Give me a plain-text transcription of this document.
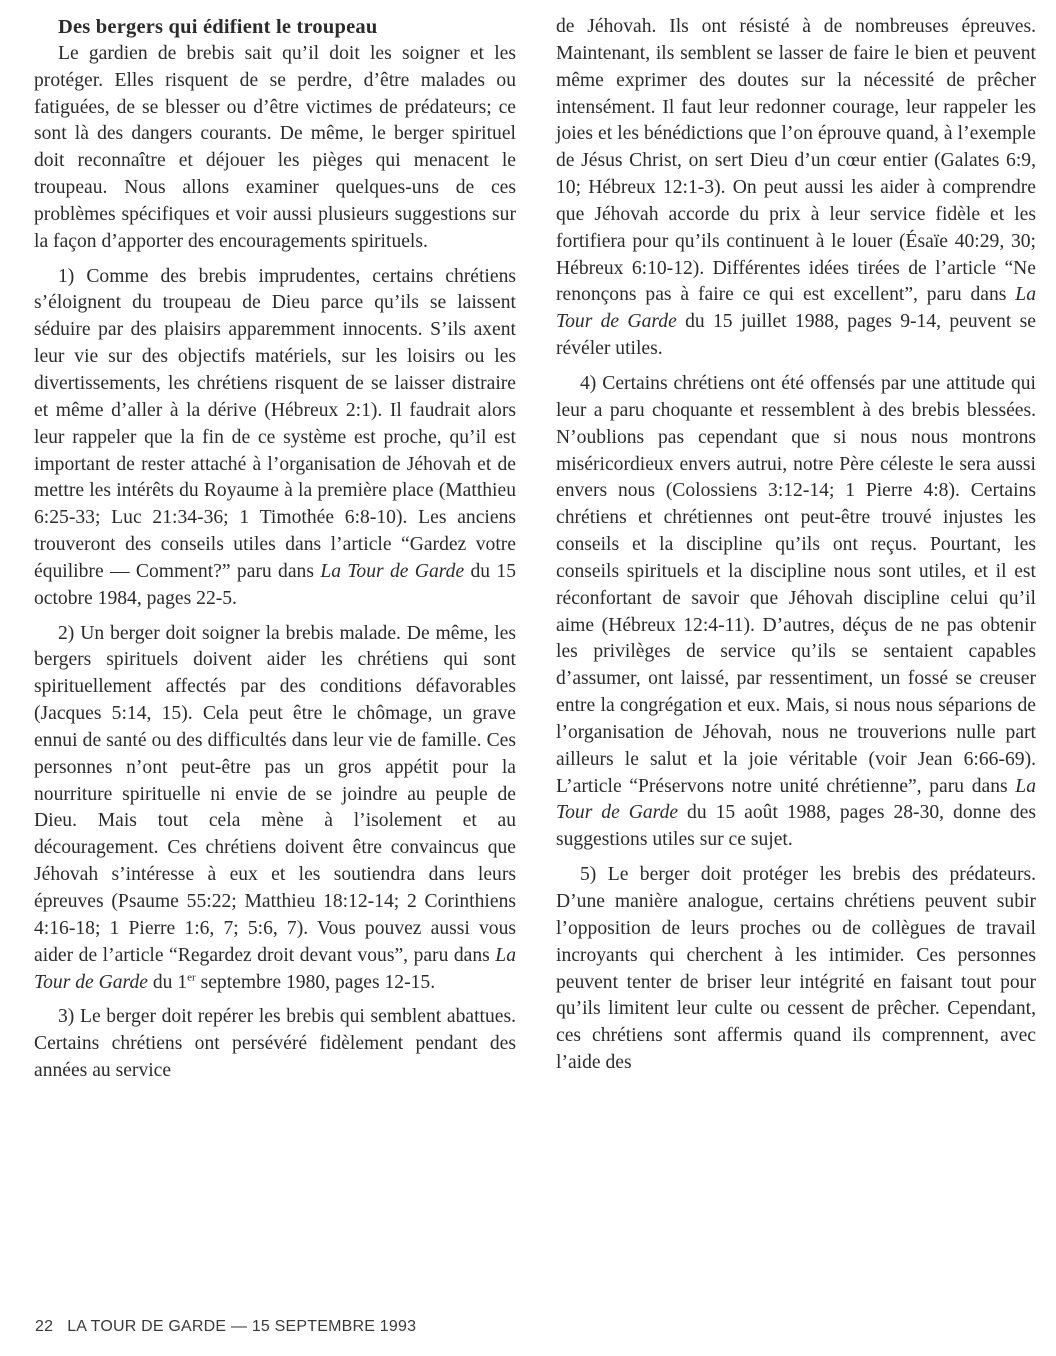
Des bergers qui édifient le troupeau

Le gardien de brebis sait qu’il doit les soigner et les protéger. Elles risquent de se perdre, d’être malades ou fatiguées, de se blesser ou d’être victimes de prédateurs; ce sont là des dangers courants. De même, le berger spirituel doit reconnaître et déjouer les pièges qui menacent le troupeau. Nous allons examiner quelques-uns de ces problèmes spécifiques et voir aussi plusieurs suggestions sur la façon d’apporter des encouragements spirituels.

1) Comme des brebis imprudentes, certains chrétiens s’éloignent du troupeau de Dieu parce qu’ils se laissent séduire par des plaisirs apparemment innocents. S’ils axent leur vie sur des objectifs matériels, sur les loisirs ou les divertissements, les chrétiens risquent de se laisser distraire et même d’aller à la dérive (Hébreux 2:1). Il faudrait alors leur rappeler que la fin de ce système est proche, qu’il est important de rester attaché à l’organisation de Jéhovah et de mettre les intérêts du Royaume à la première place (Matthieu 6:25-33; Luc 21:34-36; 1 Timothée 6:8-10). Les anciens trouveront des conseils utiles dans l’article “Gardez votre équilibre — Comment?” paru dans La Tour de Garde du 15 octobre 1984, pages 22-5.

2) Un berger doit soigner la brebis malade. De même, les bergers spirituels doivent aider les chrétiens qui sont spirituellement affectés par des conditions défavorables (Jacques 5:14, 15). Cela peut être le chômage, un grave ennui de santé ou des difficultés dans leur vie de famille. Ces personnes n’ont peut-être pas un gros appétit pour la nourriture spirituelle ni envie de se joindre au peuple de Dieu. Mais tout cela mène à l’isolement et au découragement. Ces chrétiens doivent être convaincus que Jéhovah s’intéresse à eux et les soutiendra dans leurs épreuves (Psaume 55:22; Matthieu 18:12-14; 2 Corinthiens 4:16-18; 1 Pierre 1:6, 7; 5:6, 7). Vous pouvez aussi vous aider de l’article “Regardez droit devant vous”, paru dans La Tour de Garde du 1er septembre 1980, pages 12-15.

3) Le berger doit repérer les brebis qui semblent abattues. Certains chrétiens ont persévéré fidèlement pendant des années au service

de Jéhovah. Ils ont résisté à de nombreuses épreuves. Maintenant, ils semblent se lasser de faire le bien et peuvent même exprimer des doutes sur la nécessité de prêcher intensément. Il faut leur redonner courage, leur rappeler les joies et les bénédictions que l’on éprouve quand, à l’exemple de Jésus Christ, on sert Dieu d’un cœur entier (Galates 6:9, 10; Hébreux 12:1-3). On peut aussi les aider à comprendre que Jéhovah accorde du prix à leur service fidèle et les fortifiera pour qu’ils continuent à le louer (Ésaïe 40:29, 30; Hébreux 6:10-12). Différentes idées tirées de l’article “Ne renonçons pas à faire ce qui est excellent”, paru dans La Tour de Garde du 15 juillet 1988, pages 9-14, peuvent se révéler utiles.

4) Certains chrétiens ont été offensés par une attitude qui leur a paru choquante et ressemblent à des brebis blessées. N’oublions pas cependant que si nous nous montrons miséricordieux envers autrui, notre Père céleste le sera aussi envers nous (Colossiens 3:12-14; 1 Pierre 4:8). Certains chrétiens et chrétiennes ont peut-être trouvé injustes les conseils et la discipline qu’ils ont reçus. Pourtant, les conseils spirituels et la discipline nous sont utiles, et il est réconfortant de savoir que Jéhovah discipline celui qu’il aime (Hébreux 12:4-11). D’autres, déçus de ne pas obtenir les privilèges de service qu’ils se sentaient capables d’assumer, ont laissé, par ressentiment, un fossé se creuser entre la congrégation et eux. Mais, si nous nous séparions de l’organisation de Jéhovah, nous ne trouverions nulle part ailleurs le salut et la joie véritable (voir Jean 6:66-69). L’article “Préservons notre unité chrétienne”, paru dans La Tour de Garde du 15 août 1988, pages 28-30, donne des suggestions utiles sur ce sujet.

5) Le berger doit protéger les brebis des prédateurs. D’une manière analogue, certains chrétiens peuvent subir l’opposition de leurs proches ou de collègues de travail incroyants qui cherchent à les intimider. Ces personnes peuvent tenter de briser leur intégrité en faisant tout pour qu’ils limitent leur culte ou cessent de prêcher. Cependant, ces chrétiens sont affermis quand ils comprennent, avec l’aide des

22 LA TOUR DE GARDE — 15 SEPTEMBRE 1993
